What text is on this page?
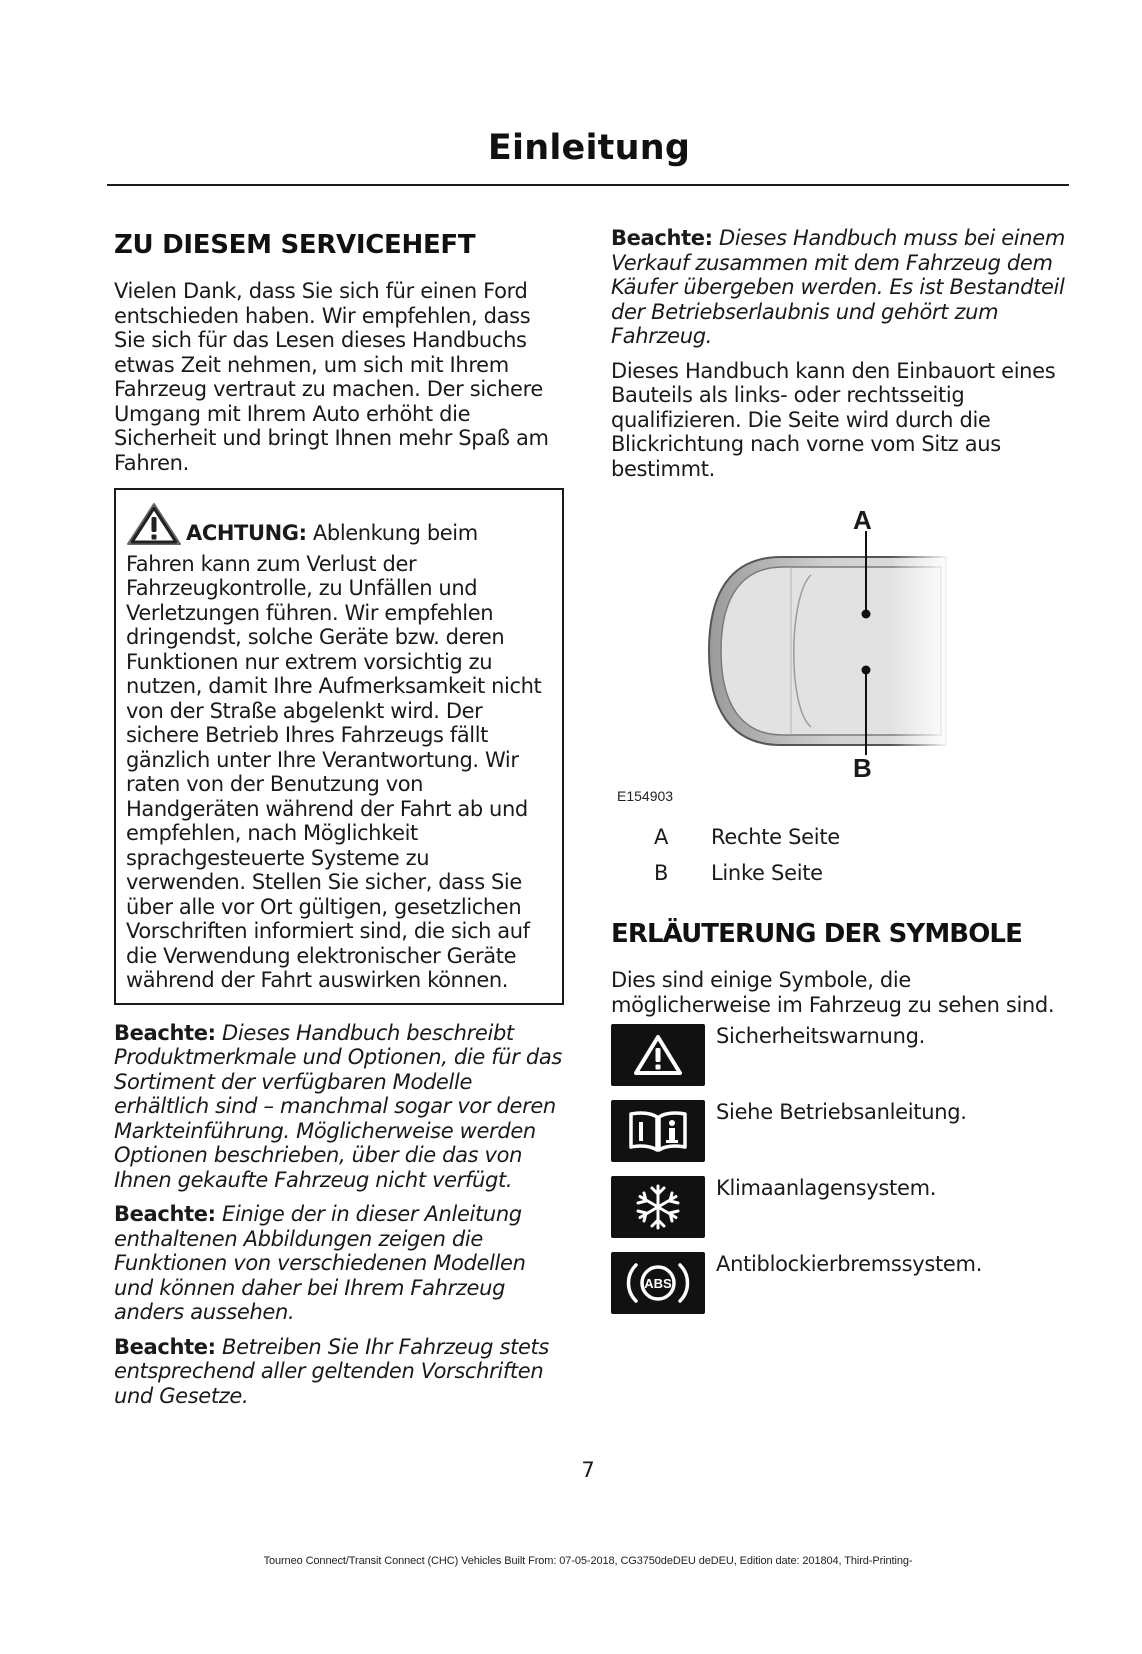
Einleitung
ZU DIESEM SERVICEHEFT

Vielen Dank, dass Sie sich für einen Ford entschieden haben. Wir empfehlen, dass Sie sich für das Lesen dieses Handbuchs etwas Zeit nehmen, um sich mit Ihrem Fahrzeug vertraut zu machen. Der sichere Umgang mit Ihrem Auto erhöht die Sicherheit und bringt Ihnen mehr Spaß am Fahren.

ACHTUNG: Ablenkung beim Fahren kann zum Verlust der Fahrzeugkontrolle, zu Unfällen und Verletzungen führen. Wir empfehlen dringendst, solche Geräte bzw. deren Funktionen nur extrem vorsichtig zu nutzen, damit Ihre Aufmerksamkeit nicht von der Straße abgelenkt wird. Der sichere Betrieb Ihres Fahrzeugs fällt gänzlich unter Ihre Verantwortung. Wir raten von der Benutzung von Handgeräten während der Fahrt ab und empfehlen, nach Möglichkeit sprachgesteuerte Systeme zu verwenden. Stellen Sie sicher, dass Sie über alle vor Ort gültigen, gesetzlichen Vorschriften informiert sind, die sich auf die Verwendung elektronischer Geräte während der Fahrt auswirken können.

Beachte: Dieses Handbuch beschreibt Produktmerkmale und Optionen, die für das Sortiment der verfügbaren Modelle erhältlich sind – manchmal sogar vor deren Markteinführung. Möglicherweise werden Optionen beschrieben, über die das von Ihnen gekaufte Fahrzeug nicht verfügt.

Beachte: Einige der in dieser Anleitung enthaltenen Abbildungen zeigen die Funktionen von verschiedenen Modellen und können daher bei Ihrem Fahrzeug anders aussehen.

Beachte: Betreiben Sie Ihr Fahrzeug stets entsprechend aller geltenden Vorschriften und Gesetze.

Beachte: Dieses Handbuch muss bei einem Verkauf zusammen mit dem Fahrzeug dem Käufer übergeben werden. Es ist Bestandteil der Betriebserlaubnis und gehört zum Fahrzeug.

Dieses Handbuch kann den Einbauort eines Bauteils als links- oder rechtsseitig qualifizieren. Die Seite wird durch die Blickrichtung nach vorne vom Sitz aus bestimmt.

A
B
E154903
A	Rechte Seite
B	Linke Seite
ERLÄUTERUNG DER SYMBOLE

Dies sind einige Symbole, die möglicherweise im Fahrzeug zu sehen sind.

Sicherheitswarnung.
Siehe Betriebsanleitung.
Klimaanlagensystem.
ABS
Antiblockierbremssystem.
7
Tourneo Connect/Transit Connect (CHC) Vehicles Built From: 07-05-2018, CG3750deDEU deDEU, Edition date: 201804, Third-Printing-
